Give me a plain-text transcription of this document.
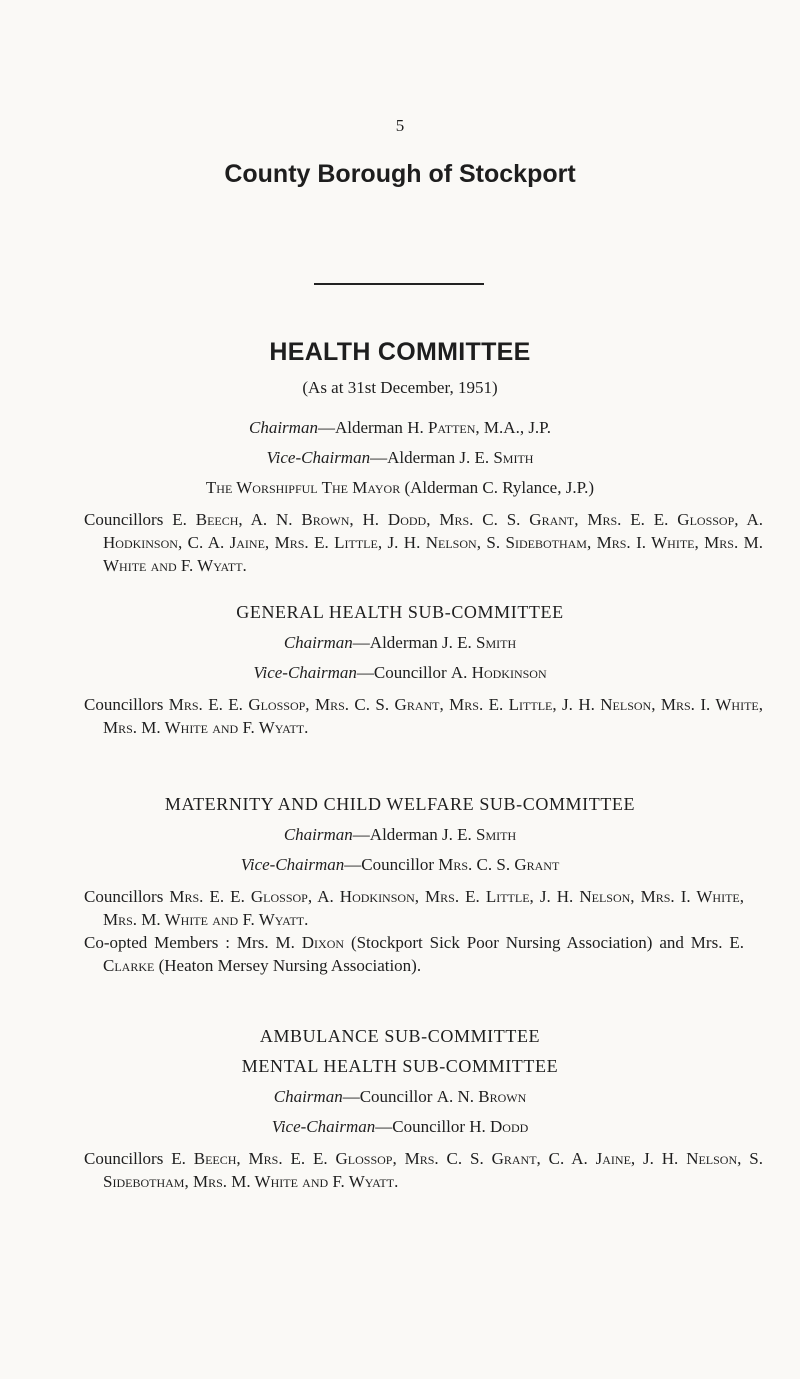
5
County Borough of Stockport
HEALTH COMMITTEE
(As at 31st December, 1951)
Chairman—Alderman H. Patten, M.A., J.P.
Vice-Chairman—Alderman J. E. Smith
The Worshipful The Mayor (Alderman C. Rylance, J.P.)
Councillors E. Beech, A. N. Brown, H. Dodd, Mrs. C. S. Grant, Mrs. E. E. Glossop, A. Hodkinson, C. A. Jaine, Mrs. E. Little, J. H. Nelson, S. Sidebotham, Mrs. I. White, Mrs. M. White and F. Wyatt.
GENERAL HEALTH SUB-COMMITTEE
Chairman—Alderman J. E. Smith
Vice-Chairman—Councillor A. Hodkinson
Councillors Mrs. E. E. Glossop, Mrs. C. S. Grant, Mrs. E. Little, J. H. Nelson, Mrs. I. White, Mrs. M. White and F. Wyatt.
MATERNITY AND CHILD WELFARE SUB-COMMITTEE
Chairman—Alderman J. E. Smith
Vice-Chairman—Councillor Mrs. C. S. Grant
Councillors Mrs. E. E. Glossop, A. Hodkinson, Mrs. E. Little, J. H. Nelson, Mrs. I. White, Mrs. M. White and F. Wyatt.
Co-opted Members : Mrs. M. Dixon (Stockport Sick Poor Nursing Association) and Mrs. E. Clarke (Heaton Mersey Nursing Association).
AMBULANCE SUB-COMMITTEE
MENTAL HEALTH SUB-COMMITTEE
Chairman—Councillor A. N. Brown
Vice-Chairman—Councillor H. Dodd
Councillors E. Beech, Mrs. E. E. Glossop, Mrs. C. S. Grant, C. A. Jaine, J. H. Nelson, S. Sidebotham, Mrs. M. White and F. Wyatt.
